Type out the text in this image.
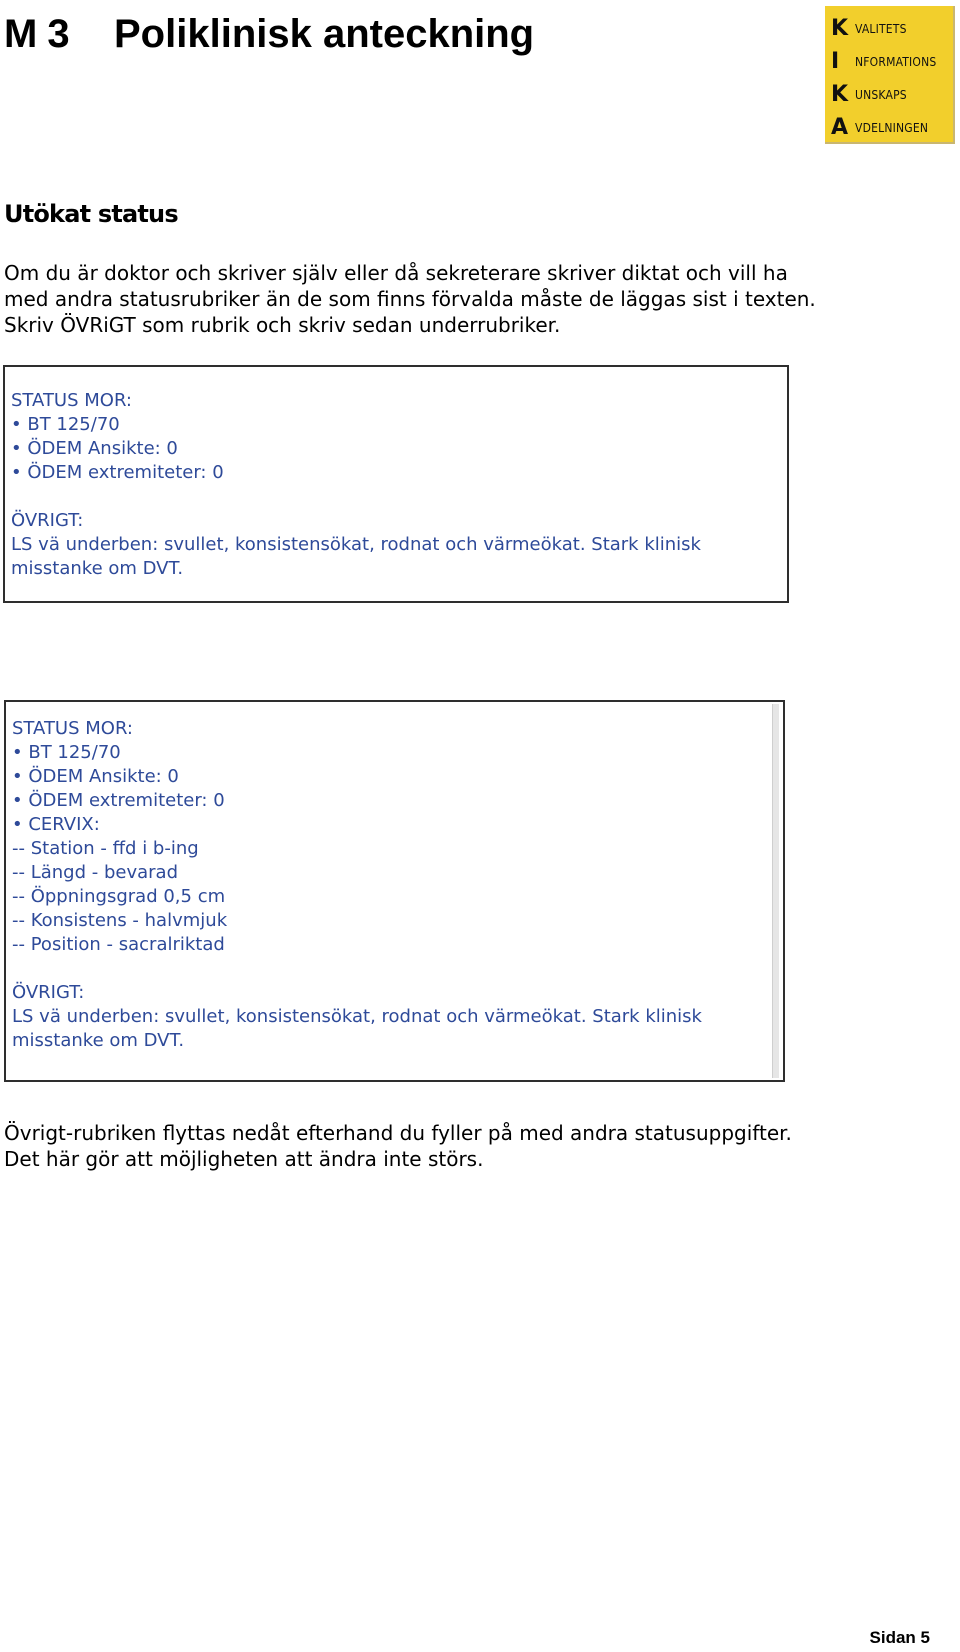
M 3 Poliklinisk anteckning	K VALITETS
I	NFORMATIONS
K UNSKAPS
A VDELNINGEN
Utökat status
Om du är doktor och skriver själv eller då sekreterare skriver diktat och vill ha
med andra statusrubriker än de som finns förvalda måste de läggas sist i texten.
Skriv ÖVRiGT som rubrik och skriv sedan underrubriker.
STATUS MOR:
• BT 125/70
• ÖDEM Ansikte: 0
• ÖDEM extremiteter: 0
ÖVRIGT:
LS vä underben: svullet, konsistensökat, rodnat och värmeökat. Stark klinisk
misstanke om DVT.
STATUS MOR:
• BT 125/70
• ÖDEM Ansikte: 0
• ÖDEM extremiteter: 0
• CERVIX:
-- Station - ffd i b-ing
-- Längd - bevarad
-- Öppningsgrad 0,5 cm
-- Konsistens - halvmjuk
-- Position - sacralriktad
ÖVRIGT:
LS vä underben: svullet, konsistensökat, rodnat och värmeökat. Stark klinisk
misstanke om DVT.
Övrigt-rubriken flyttas nedåt efterhand du fyller på med andra statusuppgifter.
Det här gör att möjligheten att ändra inte störs.
Sidan 5
